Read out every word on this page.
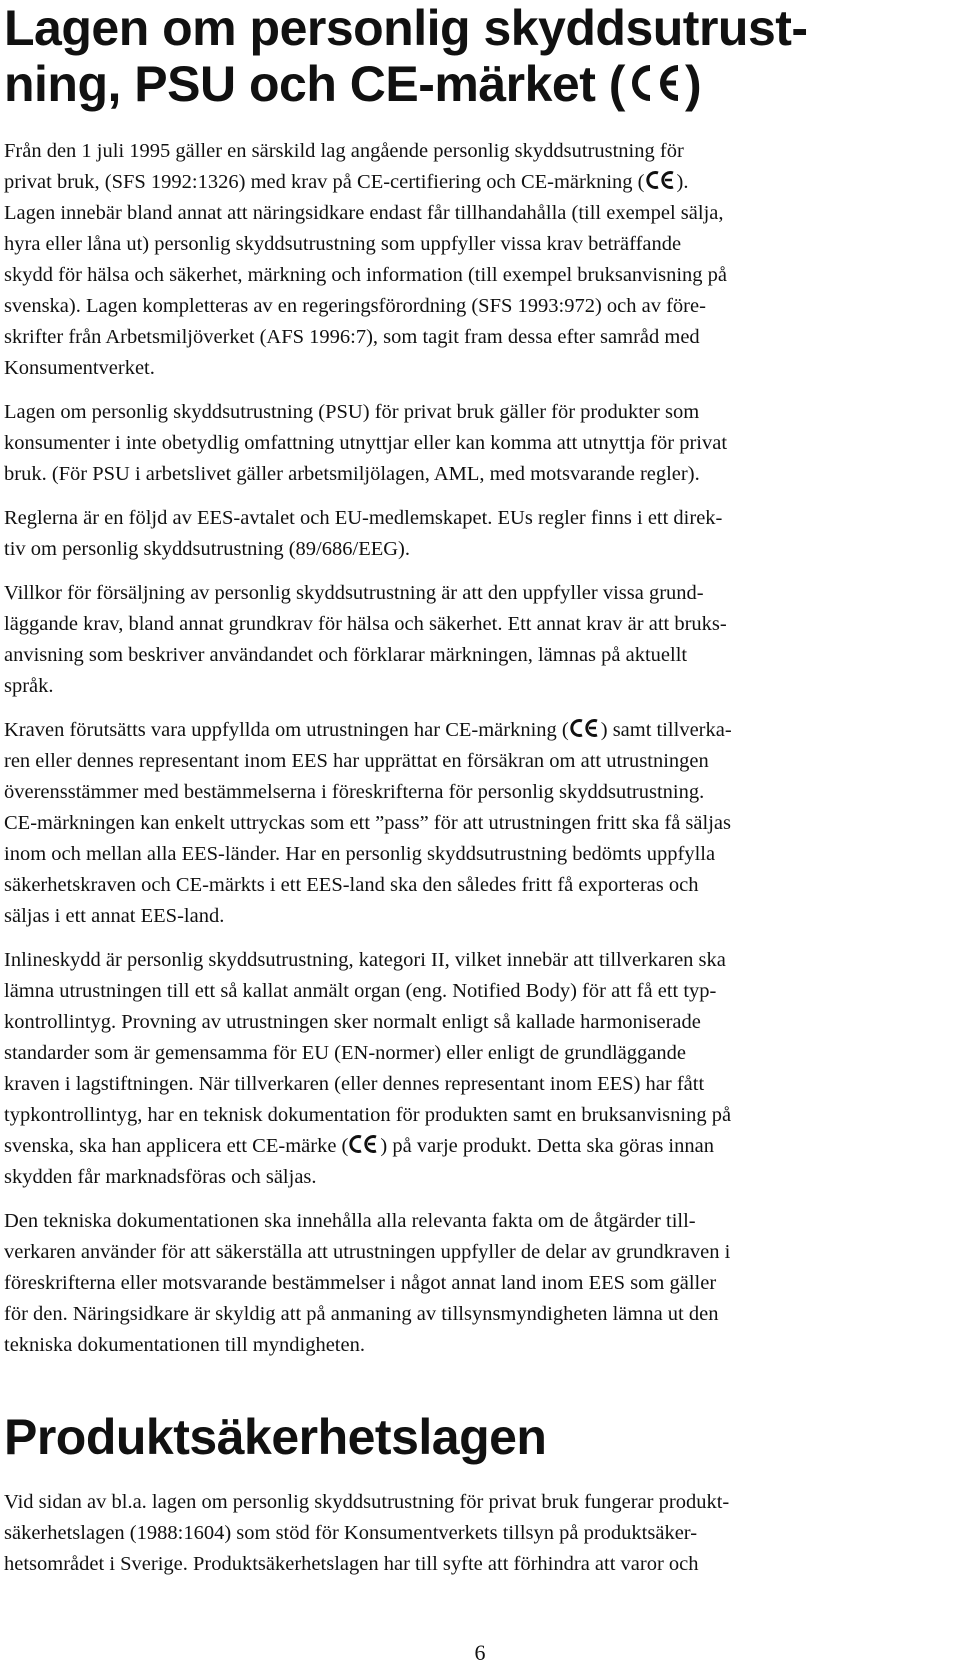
Lagen om personlig skyddsutrust-
ning, PSU och CE-märket ( )

Från den 1 juli 1995 gäller en särskild lag angående personlig skyddsutrustning för
privat bruk, (SFS 1992:1326) med krav på CE-certifiering och CE-märkning ( ).
Lagen innebär bland annat att näringsidkare endast får tillhandahålla (till exempel sälja,
hyra eller låna ut) personlig skyddsutrustning som uppfyller vissa krav beträffande
skydd för hälsa och säkerhet, märkning och information (till exempel bruksanvisning på
svenska). Lagen kompletteras av en regeringsförordning (SFS 1993:972) och av före-
skrifter från Arbetsmiljöverket (AFS 1996:7), som tagit fram dessa efter samråd med
Konsumentverket.

Lagen om personlig skyddsutrustning (PSU) för privat bruk gäller för produkter som
konsumenter i inte obetydlig omfattning utnyttjar eller kan komma att utnyttja för privat
bruk. (För PSU i arbetslivet gäller arbetsmiljölagen, AML, med motsvarande regler).

Reglerna är en följd av EES-avtalet och EU-medlemskapet. EUs regler finns i ett direk-
tiv om personlig skyddsutrustning (89/686/EEG).

Villkor för försäljning av personlig skyddsutrustning är att den uppfyller vissa grund-
läggande krav, bland annat grundkrav för hälsa och säkerhet. Ett annat krav är att bruks-
anvisning som beskriver användandet och förklarar märkningen, lämnas på aktuellt
språk.

Kraven förutsätts vara uppfyllda om utrustningen har CE-märkning ( ) samt tillverka-
ren eller dennes representant inom EES har upprättat en försäkran om att utrustningen
överensstämmer med bestämmelserna i föreskrifterna för personlig skyddsutrustning.
CE-märkningen kan enkelt uttryckas som ett ”pass” för att utrustningen fritt ska få säljas
inom och mellan alla EES-länder. Har en personlig skyddsutrustning bedömts uppfylla
säkerhetskraven och CE-märkts i ett EES-land ska den således fritt få exporteras och
säljas i ett annat EES-land.

Inlineskydd är personlig skyddsutrustning, kategori II, vilket innebär att tillverkaren ska
lämna utrustningen till ett så kallat anmält organ (eng. Notified Body) för att få ett typ-
kontrollintyg. Provning av utrustningen sker normalt enligt så kallade harmoniserade
standarder som är gemensamma för EU (EN-normer) eller enligt de grundläggande
kraven i lagstiftningen. När tillverkaren (eller dennes representant inom EES) har fått
typkontrollintyg, har en teknisk dokumentation för produkten samt en bruksanvisning på
svenska, ska han applicera ett CE-märke ( ) på varje produkt. Detta ska göras innan
skydden får marknadsföras och säljas.

Den tekniska dokumentationen ska innehålla alla relevanta fakta om de åtgärder till-
verkaren använder för att säkerställa att utrustningen uppfyller de delar av grundkraven i
föreskrifterna eller motsvarande bestämmelser i något annat land inom EES som gäller
för den. Näringsidkare är skyldig att på anmaning av tillsynsmyndigheten lämna ut den
tekniska dokumentationen till myndigheten.

Produktsäkerhetslagen

Vid sidan av bl.a. lagen om personlig skyddsutrustning för privat bruk fungerar produkt-
säkerhetslagen (1988:1604) som stöd för Konsumentverkets tillsyn på produktsäker-
hetsområdet i Sverige. Produktsäkerhetslagen har till syfte att förhindra att varor och

6
